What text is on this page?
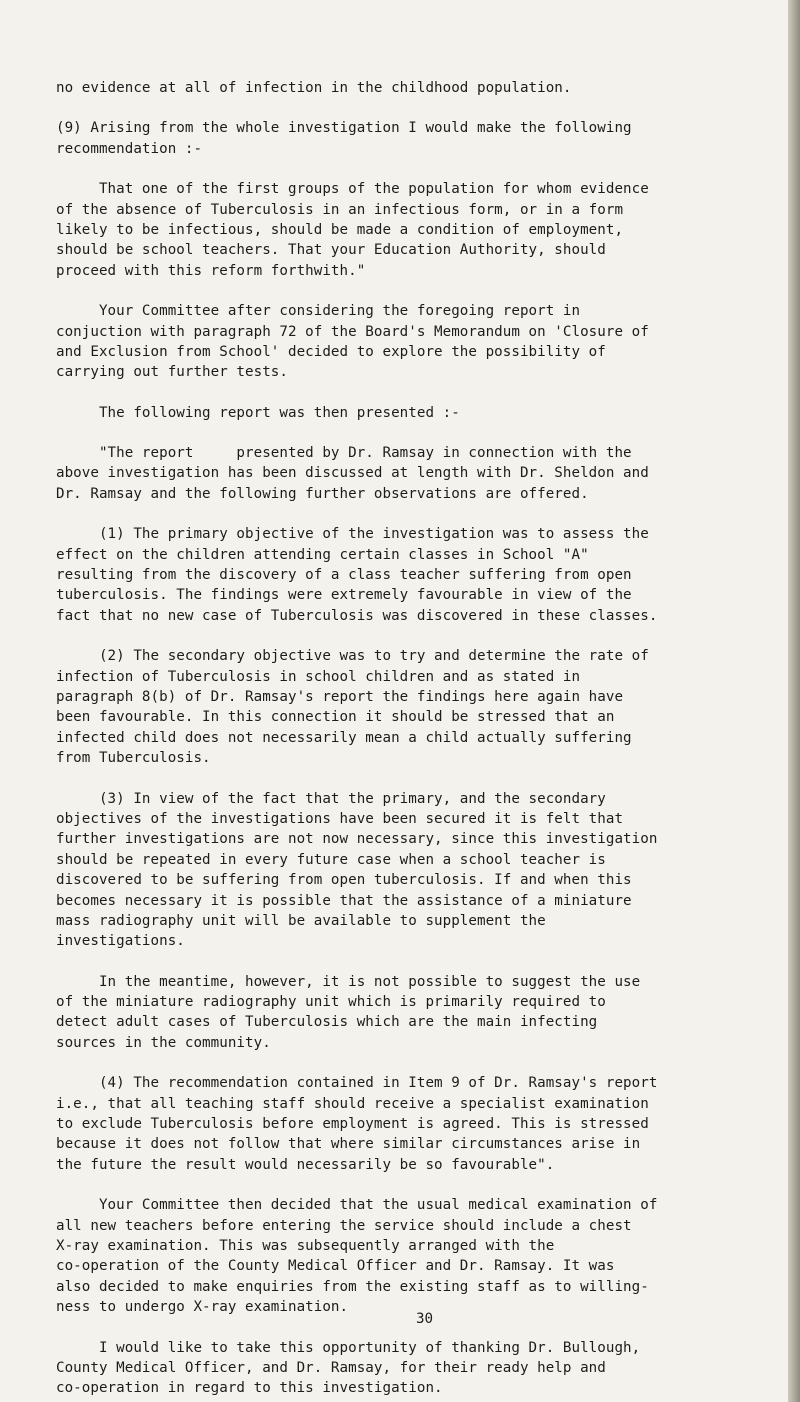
no evidence at all of infection in the childhood population.
(9) Arising from the whole investigation I would make the following
recommendation :-
That one of the first groups of the population for whom evidence
of the absence of Tuberculosis in an infectious form, or in a form
likely to be infectious, should be made a condition of employment,
should be school teachers. That your Education Authority, should
proceed with this reform forthwith."
Your Committee after considering the foregoing report in
conjuction with paragraph 72 of the Board's Memorandum on 'Closure of
and Exclusion from School' decided to explore the possibility of
carrying out further tests.
The following report was then presented :-
"The report     presented by Dr. Ramsay in connection with the
above investigation has been discussed at length with Dr. Sheldon and
Dr. Ramsay and the following further observations are offered.
(1) The primary objective of the investigation was to assess the
effect on the children attending certain classes in School "A"
resulting from the discovery of a class teacher suffering from open
tuberculosis. The findings were extremely favourable in view of the
fact that no new case of Tuberculosis was discovered in these classes.
(2) The secondary objective was to try and determine the rate of
infection of Tuberculosis in school children and as stated in
paragraph 8(b) of Dr. Ramsay's report the findings here again have
been favourable. In this connection it should be stressed that an
infected child does not necessarily mean a child actually suffering
from Tuberculosis.
(3) In view of the fact that the primary, and the secondary
objectives of the investigations have been secured it is felt that
further investigations are not now necessary, since this investigation
should be repeated in every future case when a school teacher is
discovered to be suffering from open tuberculosis. If and when this
becomes necessary it is possible that the assistance of a miniature
mass radiography unit will be available to supplement the
investigations.
In the meantime, however, it is not possible to suggest the use
of the miniature radiography unit which is primarily required to
detect adult cases of Tuberculosis which are the main infecting
sources in the community.
(4) The recommendation contained in Item 9 of Dr. Ramsay's report
i.e., that all teaching staff should receive a specialist examination
to exclude Tuberculosis before employment is agreed. This is stressed
because it does not follow that where similar circumstances arise in
the future the result would necessarily be so favourable".
Your Committee then decided that the usual medical examination of
all new teachers before entering the service should include a chest
X-ray examination. This was subsequently arranged with the
co-operation of the County Medical Officer and Dr. Ramsay. It was
also decided to make enquiries from the existing staff as to willing-
ness to undergo X-ray examination.
I would like to take this opportunity of thanking Dr. Bullough,
County Medical Officer, and Dr. Ramsay, for their ready help and
co-operation in regard to this investigation.
30
